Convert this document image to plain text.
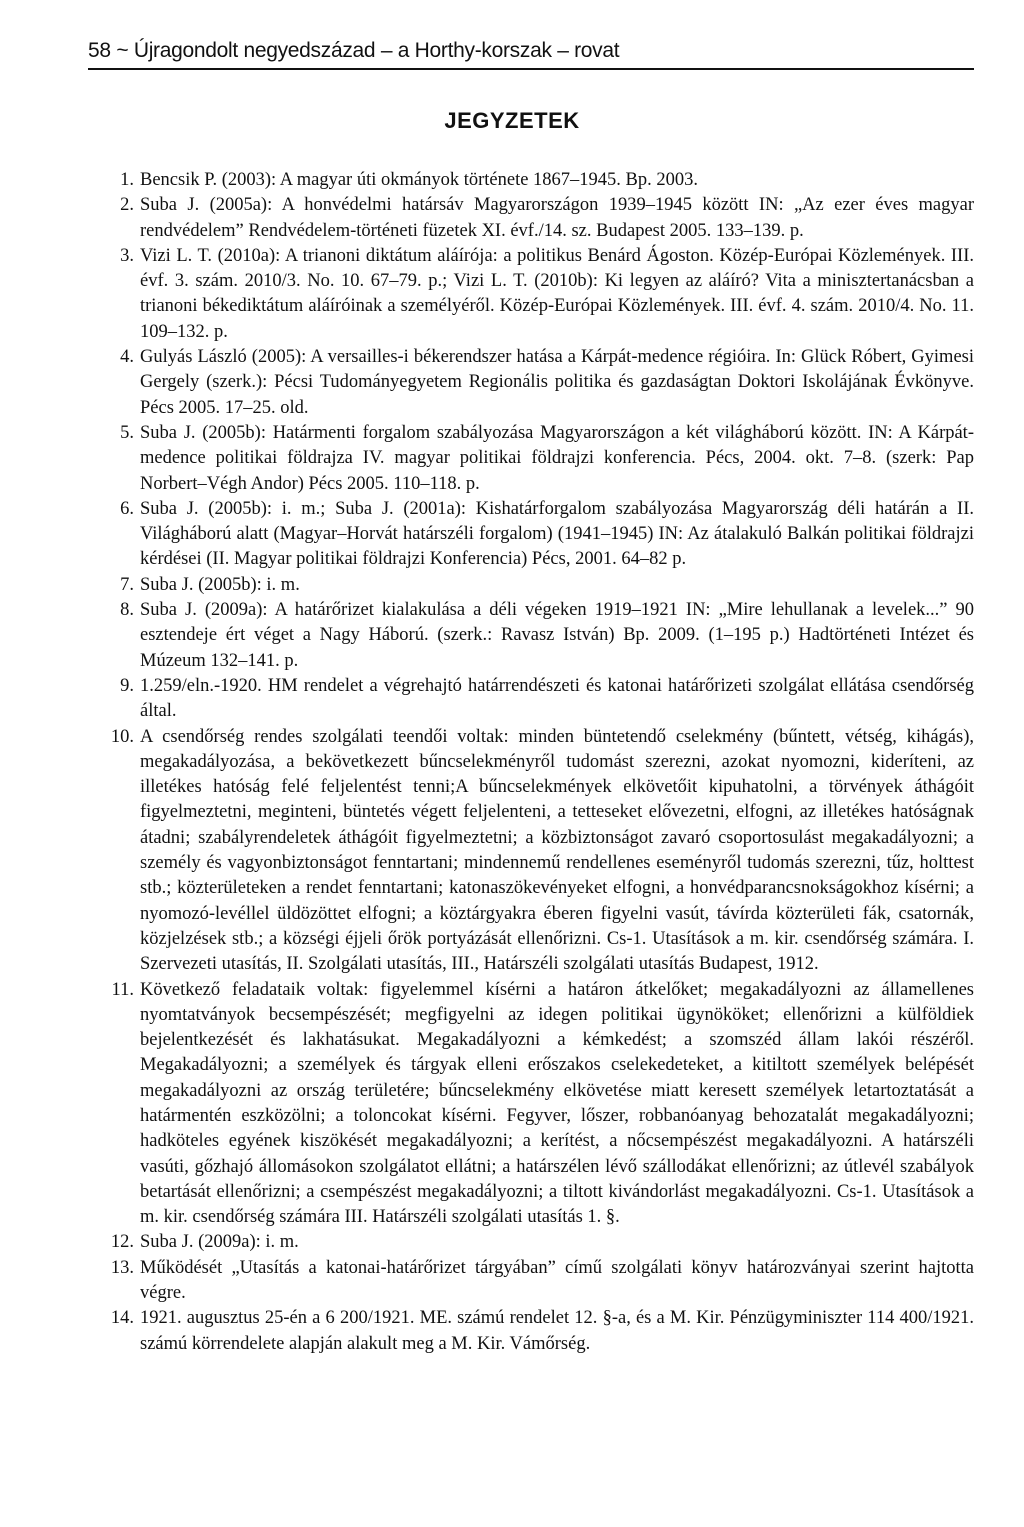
58 ~ Újragondolt negyedszázad – a Horthy-korszak – rovat
JEGYZETEK
1 . Bencsik P. (2003): A magyar úti okmányok története 1867–1945. Bp. 2003.
2 . Suba J. (2005a): A honvédelmi határsáv Magyarországon 1939–1945 között IN: „Az ezer éves magyar rendvédelem” Rendvédelem-történeti füzetek XI. évf./14. sz. Budapest 2005. 133–139. p.
3 . Vizi L. T. (2010a): A trianoni diktátum aláírója: a politikus Benárd Ágoston. Közép-Európai Közlemények. III. évf. 3. szám. 2010/3. No. 10. 67–79. p.; Vizi L. T. (2010b): Ki legyen az aláíró? Vita a minisztertanácsban a trianoni békediktátum aláíróinak a személyéről. Közép-Európai Közlemények. III. évf. 4. szám. 2010/4. No. 11. 109–132. p.
4 . Gulyás László (2005): A versailles-i békerendszer hatása a Kárpát-medence régióira. In: Glück Róbert, Gyimesi Gergely (szerk.): Pécsi Tudományegyetem Regionális politika és gazdaságtan Doktori Iskolájának Évkönyve. Pécs 2005. 17–25. old.
5 . Suba J. (2005b): Határmenti forgalom szabályozása Magyarországon a két világháború között. IN: A Kárpát-medence politikai földrajza IV. magyar politikai földrajzi konferencia. Pécs, 2004. okt. 7–8. (szerk: Pap Norbert–Végh Andor) Pécs 2005. 110–118. p.
6 . Suba J. (2005b): i. m.; Suba J. (2001a): Kishatárforgalom szabályozása Magyarország déli határán a II. Világháború alatt (Magyar–Horvát határszéli forgalom) (1941–1945) IN: Az átalakuló Balkán politikai földrajzi kérdései (II. Magyar politikai földrajzi Konferencia) Pécs, 2001. 64–82 p.
7 . Suba J. (2005b): i. m.
8 . Suba J. (2009a): A határőrizet kialakulása a déli végeken 1919–1921 IN: „Mire lehullanak a levelek...” 90 esztendeje ért véget a Nagy Háború. (szerk.: Ravasz István) Bp. 2009. (1–195 p.) Hadtörténeti Intézet és Múzeum 132–141. p.
9 . 1.259/eln.-1920. HM rendelet a végrehajtó határrendészeti és katonai határőrizeti szolgálat ellátása csendőrség által.
10 . A csendőrség rendes szolgálati teendői voltak: minden büntetendő cselekmény (bűntett, vétség, kihágás), megakadályozása, a bekövetkezett bűncselekményről tudomást szerezni, azokat nyomozni, kideríteni, az illetékes hatóság felé feljelentést tenni;A bűncselekmények elkövetőit kipuhatolni, a törvények áthágóit figyelmeztetni, meginteni, büntetés végett feljelenteni, a tetteseket elővezetni, elfogni, az illetékes hatóságnak átadni; szabályrendeletek áthágóit figyelmeztetni; a közbiztonságot zavaró csoportosulást megakadályozni; a személy és vagyonbiztonságot fenntartani; mindennemű rendellenes eseményről tudomás szerezni, tűz, holttest stb.; közterületeken a rendet fenntartani; katonaszökevényeket elfogni, a honvédparancsnokságokhoz kísérni; a nyomozó-levéllel üldözöttet elfogni; a köztárgyakra éberen figyelni vasút, távírda közterületi fák, csatornák, közjelzések stb.; a községi éjjeli őrök portyázását ellenőrizni. Cs-1. Utasítások a m. kir. csendőrség számára. I. Szervezeti utasítás, II. Szolgálati utasítás, III., Határszéli szolgálati utasítás Budapest, 1912.
11 . Következő feladataik voltak: figyelemmel kísérni a határon átkelőket; megakadályozni az államellenes nyomtatványok becsempészését; megfigyelni az idegen politikai ügynököket; ellenőrizni a külföldiek bejelentkezését és lakhatásukat. Megakadályozni a kémkedést; a szomszéd állam lakói részéről. Megakadályozni; a személyek és tárgyak elleni erőszakos cselekedeteket, a kitiltott személyek belépését megakadályozni az ország területére; bűncselekmény elkövetése miatt keresett személyek letartoztatását a határmentén eszközölni; a toloncokat kísérni. Fegyver, lőszer, robbanóanyag behozatalát megakadályozni; hadköteles egyének kiszökését megakadályozni; a kerítést, a nőcsempészést megakadályozni. A határszéli vasúti, gőzhajó állomásokon szolgálatot ellátni; a határszélen lévő szállodákat ellenőrizni; az útlevél szabályok betartását ellenőrizni; a csempészést megakadályozni; a tiltott kivándorlást megakadályozni. Cs-1. Utasítások a m. kir. csendőrség számára III. Határszéli szolgálati utasítás 1. §.
12 . Suba J. (2009a): i. m.
13 . Működését „Utasítás a katonai-határőrizet tárgyában” című szolgálati könyv határozványai szerint hajtotta végre.
14 . 1921. augusztus 25-én a 6 200/1921. ME. számú rendelet 12. §-a, és a M. Kir. Pénzügyminiszter 114 400/1921. számú körrendelete alapján alakult meg a M. Kir. Vámőrség.
